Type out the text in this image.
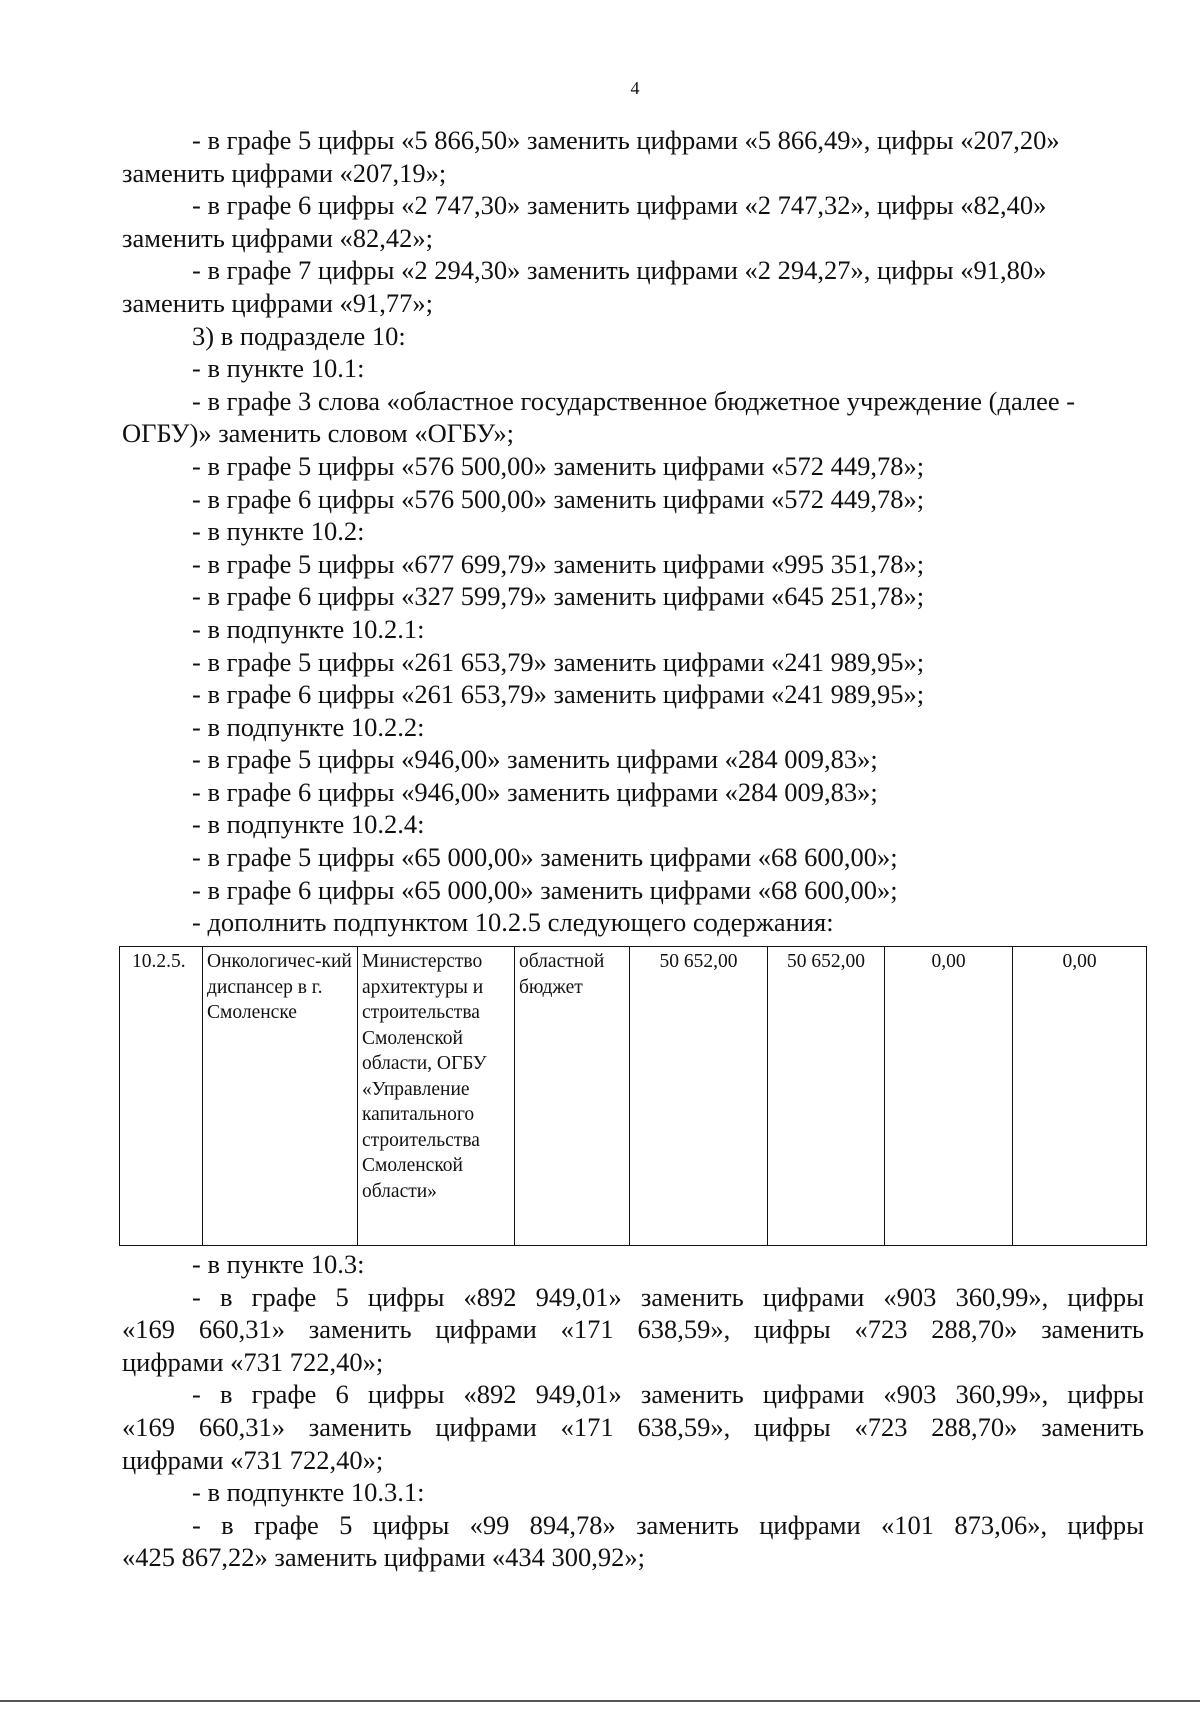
4
- в графе 5 цифры «5 866,50» заменить цифрами «5 866,49», цифры «207,20»
заменить цифрами «207,19»;
- в графе 6 цифры «2 747,30» заменить цифрами «2 747,32», цифры «82,40»
заменить цифрами «82,42»;
- в графе 7 цифры «2 294,30» заменить цифрами «2 294,27», цифры «91,80»
заменить цифрами «91,77»;
3) в подразделе 10:
- в пункте 10.1:
- в графе 3 слова «областное государственное бюджетное учреждение (далее -
ОГБУ)» заменить словом «ОГБУ»;
- в графе 5 цифры «576 500,00» заменить цифрами «572 449,78»;
- в графе 6 цифры «576 500,00» заменить цифрами «572 449,78»;
- в пункте 10.2:
- в графе 5 цифры «677 699,79» заменить цифрами «995 351,78»;
- в графе 6 цифры «327 599,79» заменить цифрами «645 251,78»;
- в подпункте 10.2.1:
- в графе 5 цифры «261 653,79» заменить цифрами «241 989,95»;
- в графе 6 цифры «261 653,79» заменить цифрами «241 989,95»;
- в подпункте 10.2.2:
- в графе 5 цифры «946,00» заменить цифрами «284 009,83»;
- в графе 6 цифры «946,00» заменить цифрами «284 009,83»;
- в подпункте 10.2.4:
- в графе 5 цифры «65 000,00» заменить цифрами «68 600,00»;
- в графе 6 цифры «65 000,00» заменить цифрами «68 600,00»;
- дополнить подпунктом 10.2.5 следующего содержания:
10.2.5.	Онкологичес-кий диспансер в г. Смоленске	Министерство архитектуры и строительства Смоленской области, ОГБУ «Управление капитального строительства Смоленской области»	областной бюджет	50 652,00	50 652,00	0,00	0,00
- в пункте 10.3:
- в графе 5 цифры «892 949,01» заменить цифрами «903 360,99», цифры
«169 660,31» заменить цифрами «171 638,59», цифры «723 288,70» заменить
цифрами «731 722,40»;
- в графе 6 цифры «892 949,01» заменить цифрами «903 360,99», цифры
«169 660,31» заменить цифрами «171 638,59», цифры «723 288,70» заменить
цифрами «731 722,40»;
- в подпункте 10.3.1:
- в графе 5 цифры «99 894,78» заменить цифрами «101 873,06», цифры
«425 867,22» заменить цифрами «434 300,92»;
